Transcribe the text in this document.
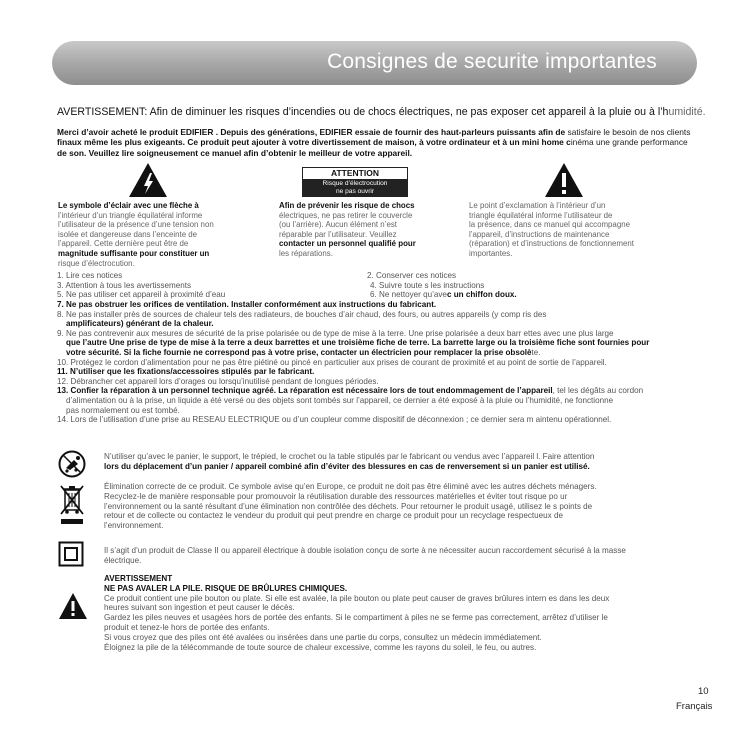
Consignes de securite importantes
AVERTISSEMENT: Afin de diminuer les risques d’incendies ou de chocs électriques, ne pas exposer cet appareil à la pluie ou à l’humidité.
Merci d’avoir acheté le produit EDIFIER . Depuis des générations, EDIFIER essaie de fournir des haut-parleurs puissants afin de satisfaire le besoin de nos clients
finaux même les plus exigeants. Ce produit peut ajouter à votre divertissement de maison, à votre ordinateur et à un mini home cinéma une grande performance
de son. Veuillez lire soigneusement ce manuel afin d’obtenir le meilleur de votre appareil.
ATTENTION
Risque d’électrocution
ne pas ouvrir
Le symbole d’éclair avec une flèche à
l’intérieur d’un triangle équilatéral informe
l’utilisateur de la présence d’une tension non
isolée et dangereuse dans l’enceinte de
l’appareil. Cette dernière peut être de
magnitude suffisante pour constituer un
risque d’électrocution.
Afin de prévenir les risque de chocs
électriques, ne pas retirer le couvercle
(ou l’arrière). Aucun élément n’est
réparable par l’utilisateur. Veuillez
contacter un personnel qualifié pour
les réparations.
Le point d’exclamation à l’intérieur d’un
triangle équilatéral informe l’utilisateur de
la présence, dans ce manuel qui accompagne
l’appareil, d’instructions de maintenance
(réparation) et d’instructions de fonctionnement
importantes.
1. Lire ces notices
3. Attention à tous les avertissements
5. Ne pas utiliser cet appareil à proximité d’eau
2. Conserver ces notices
4. Suivre toute s les instructions
6. Ne nettoyer qu’avec un chiffon doux.
7. Ne pas obstruer les orifices de ventilation. Installer conformément aux instructions du fabricant.
8. Ne pas installer près de sources de chaleur tels des radiateurs, de bouches d’air chaud, des fours, ou autres appareils (y comp ris des
amplificateurs) générant de la chaleur.
9. Ne pas contrevenir aux mesures de sécurité de la prise polarisée ou de type de mise à la terre. Une prise polarisée a deux barr ettes avec une plus large
que l’autre Une prise de type de mise à la terre a deux barrettes et une troisième fiche de terre. La barrette large ou la troisième fiche sont fournies pour
votre sécurité. Si la fiche fournie ne correspond pas à votre prise, contacter un électricien pour remplacer la prise obsolète.
10. Protégez le cordon d’alimentation pour ne pas être piétiné ou pincé en particulier aux prises de courant de proximité et au point de sortie de l’appareil.
11. N’utiliser que les fixations/accessoires stipulés par le fabricant.
12. Débrancher cet appareil lors d’orages ou lorsqu’inutilisé pendant de longues périodes.
13. Confier la réparation à un personnel technique agréé. La réparation est nécessaire lors de tout endommagement de l’appareil, tel les dégâts au cordon
d’alimentation ou à la prise, un liquide a été versé ou des objets sont tombés sur l’appareil, ce dernier a été exposé à la pluie ou l’humidité, ne fonctionne
pas normalement ou est tombé.
14. Lors de l’utilisation d’une prise au RESEAU ELECTRIQUE ou d’un coupleur comme dispositif de déconnexion ; ce dernier sera m aintenu opérationnel.
N’utiliser qu’avec le panier, le support, le trépied, le crochet ou la table stipulés par le fabricant ou vendus avec l’appareil l. Faire attention
lors du déplacement d’un panier / appareil combiné afin d’éviter des blessures en cas de renversement si un panier est utilisé.
Élimination correcte de ce produit. Ce symbole avise qu’en Europe, ce produit ne doit pas être éliminé avec les autres déchets ménagers.
Recyclez-le de manière responsable pour promouvoir la réutilisation durable des ressources matérielles et éviter tout risque po ur
l’environnement ou la santé résultant d’une élimination non contrôlée des déchets. Pour retourner le produit usagé, utilisez le s points de
retour et de collecte ou contactez le vendeur du produit qui peut prendre en charge ce produit pour un recyclage respectueux de
l’environnement.
Il s’agit d’un produit de Classe II ou appareil électrique à double isolation conçu de sorte à ne nécessiter aucun raccordement sécurisé à la masse
électrique.
AVERTISSEMENT
NE PAS AVALER LA PILE. RISQUE DE BRÛLURES CHIMIQUES.
Ce produit contient une pile bouton ou plate. Si elle est avalée, la pile bouton ou plate peut causer de graves brûlures intern es dans les deux
heures suivant son ingestion et peut causer le décès.
Gardez les piles neuves et usagées hors de portée des enfants. Si le compartiment à piles ne se ferme pas correctement, arrêtez d’utiliser le
produit et tenez-le hors de portée des enfants.
Si vous croyez que des piles ont été avalées ou insérées dans une partie du corps, consultez un médecin immédiatement.
Éloignez la pile de la télécommande de toute source de chaleur excessive, comme les rayons du soleil, le feu, ou autres.
10
Français
